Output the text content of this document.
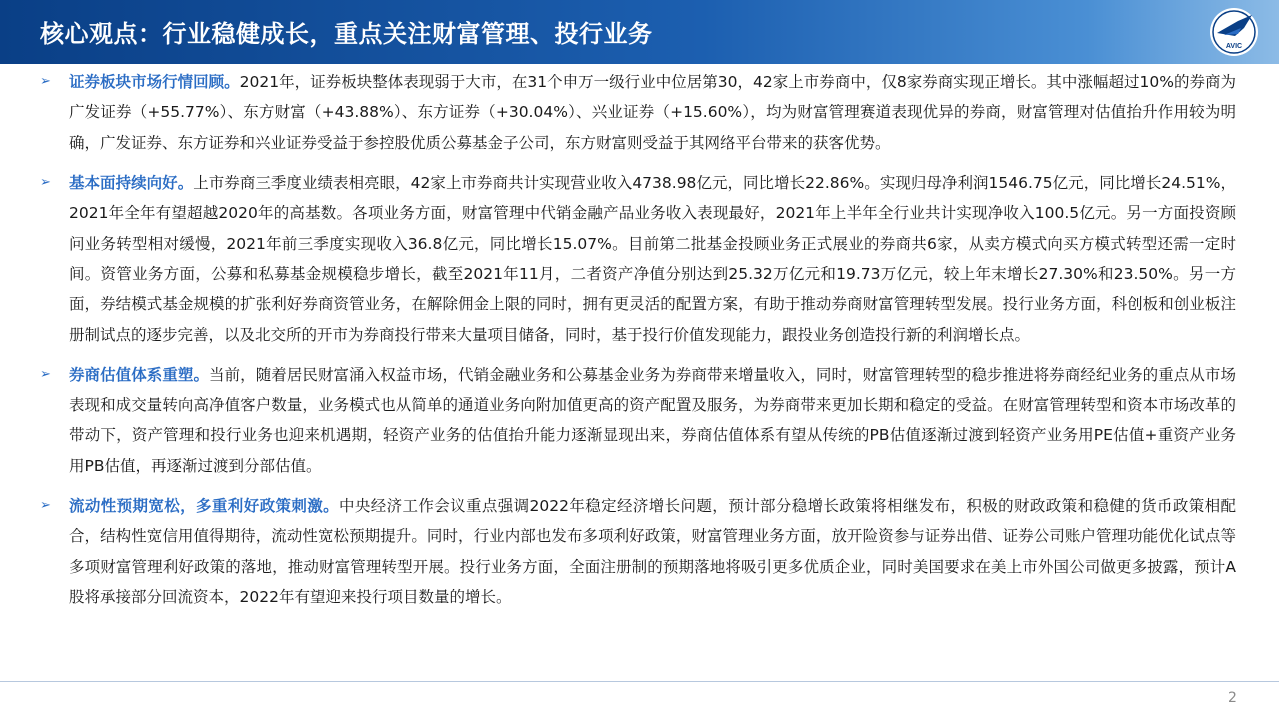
核心观点：行业稳健成长，重点关注财富管理、投行业务	AVIC
➢	证券板块市场行情回顾。2021年，证券板块整体表现弱于大市，在31个申万一级行业中位居第30，42家上市券商中，仅8家券商实现正增长。其中涨幅超过10%的券商为广发证券（+55.77%）、东方财富（+43.88%）、东方证券（+30.04%）、兴业证券（+15.60%），均为财富管理赛道表现优异的券商，财富管理对估值抬升作用较为明确，广发证券、东方证券和兴业证券受益于参控股优质公募基金子公司，东方财富则受益于其网络平台带来的获客优势。
➢	基本面持续向好。上市券商三季度业绩表相亮眼，42家上市券商共计实现营业收入4738.98亿元，同比增长22.86%。实现归母净利润1546.75亿元，同比增长24.51%，2021年全年有望超越2020年的高基数。各项业务方面，财富管理中代销金融产品业务收入表现最好，2021年上半年全行业共计实现净收入100.5亿元。另一方面投资顾问业务转型相对缓慢，2021年前三季度实现收入36.8亿元，同比增长15.07%。目前第二批基金投顾业务正式展业的券商共6家，从卖方模式向买方模式转型还需一定时间。资管业务方面，公募和私募基金规模稳步增长，截至2021年11月，二者资产净值分别达到25.32万亿元和19.73万亿元，较上年末增长27.30%和23.50%。另一方面，券结模式基金规模的扩张利好券商资管业务，在解除佣金上限的同时，拥有更灵活的配置方案，有助于推动券商财富管理转型发展。投行业务方面，科创板和创业板注册制试点的逐步完善，以及北交所的开市为券商投行带来大量项目储备，同时，基于投行价值发现能力，跟投业务创造投行新的利润增长点。
➢	券商估值体系重塑。当前，随着居民财富涌入权益市场，代销金融业务和公募基金业务为券商带来增量收入，同时，财富管理转型的稳步推进将券商经纪业务的重点从市场表现和成交量转向高净值客户数量，业务模式也从简单的通道业务向附加值更高的资产配置及服务，为券商带来更加长期和稳定的受益。在财富管理转型和资本市场改革的带动下，资产管理和投行业务也迎来机遇期，轻资产业务的估值抬升能力逐渐显现出来，券商估值体系有望从传统的PB估值逐渐过渡到轻资产业务用PE估值+重资产业务用PB估值，再逐渐过渡到分部估值。
➢	流动性预期宽松，多重利好政策刺激。中央经济工作会议重点强调2022年稳定经济增长问题，预计部分稳增长政策将相继发布，积极的财政政策和稳健的货币政策相配合，结构性宽信用值得期待，流动性宽松预期提升。同时，行业内部也发布多项利好政策，财富管理业务方面，放开险资参与证券出借、证券公司账户管理功能优化试点等多项财富管理利好政策的落地，推动财富管理转型开展。投行业务方面，全面注册制的预期落地将吸引更多优质企业，同时美国要求在美上市外国公司做更多披露，预计A股将承接部分回流资本，2022年有望迎来投行项目数量的增长。
2
